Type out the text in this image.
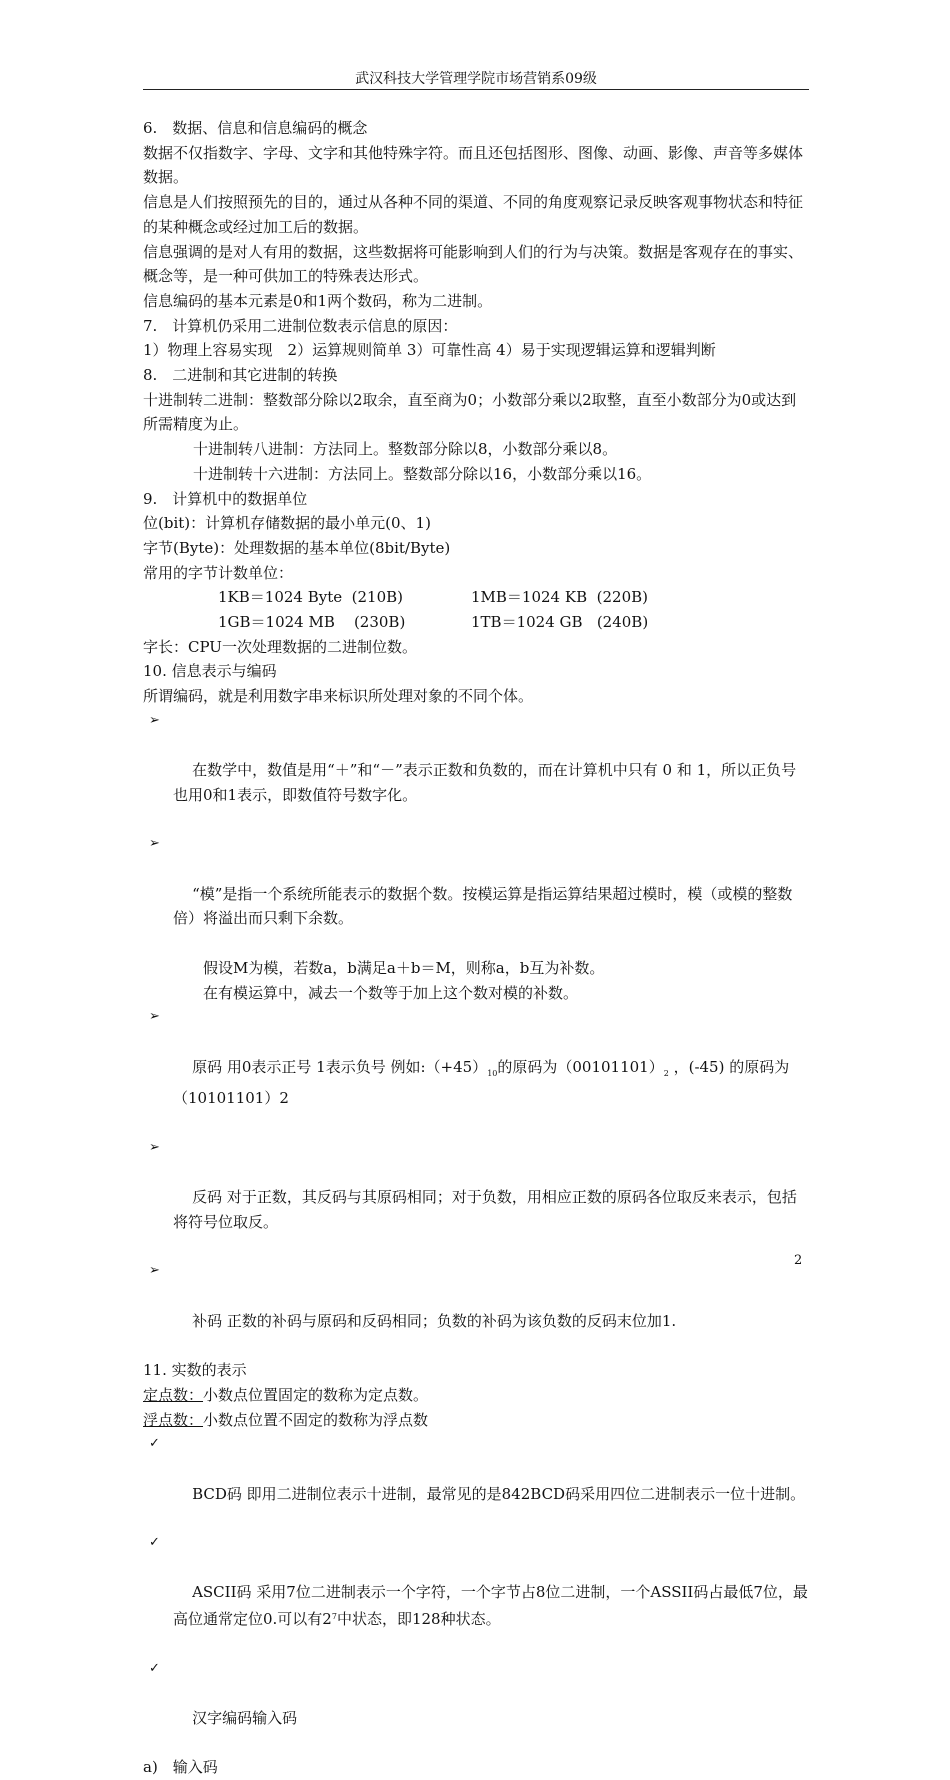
武汉科技大学管理学院市场营销系09级

6.　数据、信息和信息编码的概念

数据不仅指数字、字母、文字和其他特殊字符。而且还包括图形、图像、动画、影像、声音等多媒体数据。

信息是人们按照预先的目的，通过从各种不同的渠道、不同的角度观察记录反映客观事物状态和特征的某种概念或经过加工后的数据。

信息强调的是对人有用的数据，这些数据将可能影响到人们的行为与决策。数据是客观存在的事实、概念等，是一种可供加工的特殊表达形式。

信息编码的基本元素是0和1两个数码，称为二进制。

7.　计算机仍采用二进制位数表示信息的原因：

1）物理上容易实现　2）运算规则简单 3）可靠性高 4）易于实现逻辑运算和逻辑判断

8.　二进制和其它进制的转换

十进制转二进制：整数部分除以2取余，直至商为0；小数部分乘以2取整，直至小数部分为0或达到所需精度为止。

十进制转八进制：方法同上。整数部分除以8，小数部分乘以8。

十进制转十六进制：方法同上。整数部分除以16，小数部分乘以16。

9.　计算机中的数据单位

位(bit)：计算机存储数据的最小单元(0、1)

字节(Byte)：处理数据的基本单位(8bit/Byte)

常用的字节计数单位：

1KB＝1024 Byte  (210B)	1MB＝1024 KB  (220B)
1GB＝1024 MB    (230B)	1TB＝1024 GB   (240B)

字长：CPU一次处理数据的二进制位数。

10. 信息表示与编码

所谓编码，就是利用数字串来标识所处理对象的不同个体。

➢

在数学中，数值是用“＋”和“－”表示正数和负数的，而在计算机中只有 0 和 1，所以正负号也用0和1表示，即数值符号数字化。

➢

“模”是指一个系统所能表示的数据个数。按模运算是指运算结果超过模时，模（或模的整数倍）将溢出而只剩下余数。

假设M为模，若数a，b满足a＋b＝M，则称a，b互为补数。

在有模运算中，减去一个数等于加上这个数对模的补数。

➢

原码 用0表示正号 1表示负号 例如$:(+45)_{10}$的原码为$(00101101)_2$ ，(-45) 的原码为（10101101）2

➢

反码 对于正数，其反码与其原码相同；对于负数，用相应正数的原码各位取反来表示，包括将符号位取反。

➢

补码 正数的补码与原码和反码相同；负数的补码为该负数的反码末位加1.

11. 实数的表示

定点数：小数点位置固定的数称为定点数。

浮点数：小数点位置不固定的数称为浮点数

✓

BCD码 即用二进制位表示十进制，最常见的是842BCD码采用四位二进制表示一位十进制。

✓

ASCII码 采用7位二进制表示一个字符，一个字节占8位二进制，一个ASSII码占最低7位，最高位通常定位0.可以有$2^7$中状态，即128种状态。

✓

汉字编码输入码

a)　输入码

2
